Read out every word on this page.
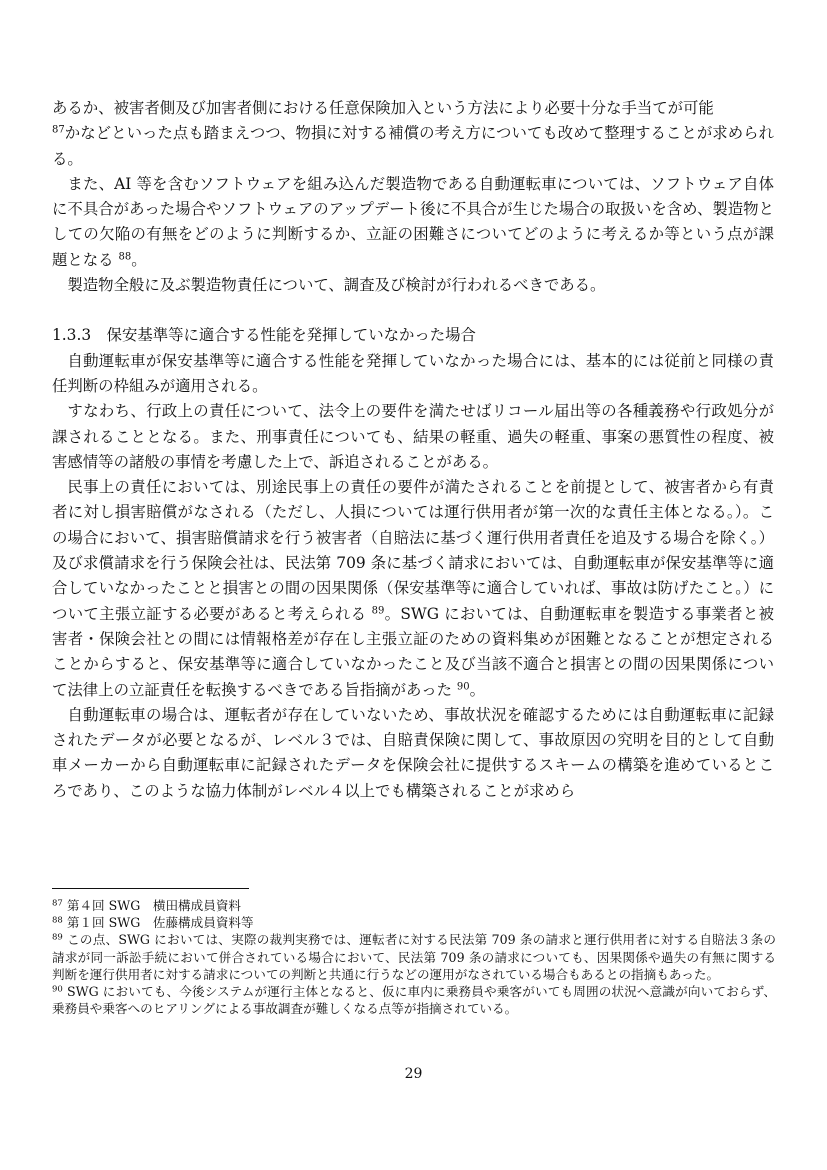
あるか、被害者側及び加害者側における任意保険加入という方法により必要十分な手当てが可能
$^{87}$かなどといった点も踏まえつつ、物損に対する補償の考え方についても改めて整理することが求められる。

また、AI 等を含むソフトウェアを組み込んだ製造物である自動運転車については、ソフトウェア自体に不具合があった場合やソフトウェアのアップデート後に不具合が生じた場合の取扱いを含め、製造物としての欠陥の有無をどのように判断するか、立証の困難さについてどのように考えるか等という点が課題となる $^{88}$。

製造物全般に及ぶ製造物責任について、調査及び検討が行われるべきである。

1.3.3　保安基準等に適合する性能を発揮していなかった場合

自動運転車が保安基準等に適合する性能を発揮していなかった場合には、基本的には従前と同様の責任判断の枠組みが適用される。

すなわち、行政上の責任について、法令上の要件を満たせばリコール届出等の各種義務や行政処分が課されることとなる。また、刑事責任についても、結果の軽重、過失の軽重、事案の悪質性の程度、被害感情等の諸般の事情を考慮した上で、訴追されることがある。

民事上の責任においては、別途民事上の責任の要件が満たされることを前提として、被害者から有責者に対し損害賠償がなされる（ただし、人損については運行供用者が第一次的な責任主体となる。）。この場合において、損害賠償請求を行う被害者（自賠法に基づく運行供用者責任を追及する場合を除く。）及び求償請求を行う保険会社は、民法第 709 条に基づく請求においては、自動運転車が保安基準等に適合していなかったことと損害との間の因果関係（保安基準等に適合していれば、事故は防げたこと。）について主張立証する必要があると考えられる $^{89}$。SWG においては、自動運転車を製造する事業者と被害者・保険会社との間には情報格差が存在し主張立証のための資料集めが困難となることが想定されることからすると、保安基準等に適合していなかったこと及び当該不適合と損害との間の因果関係について法律上の立証責任を転換するべきである旨指摘があった $^{90}$。

自動運転車の場合は、運転者が存在していないため、事故状況を確認するためには自動運転車に記録されたデータが必要となるが、レベル３では、自賠責保険に関して、事故原因の究明を目的として自動車メーカーから自動運転車に記録されたデータを保険会社に提供するスキームの構築を進めているところであり、このような協力体制がレベル４以上でも構築されることが求めら

$^{87}$ 第４回 SWG　横田構成員資料

$^{88}$ 第１回 SWG　佐藤構成員資料等

$^{89}$ この点、SWG においては、実際の裁判実務では、運転者に対する民法第 709 条の請求と運行供用者に対する自賠法３条の請求が同一訴訟手続において併合されている場合において、民法第 709 条の請求についても、因果関係や過失の有無に関する判断を運行供用者に対する請求についての判断と共通に行うなどの運用がなされている場合もあるとの指摘もあった。

$^{90}$ SWG においても、今後システムが運行主体となると、仮に車内に乗務員や乗客がいても周囲の状況へ意識が向いておらず、乗務員や乗客へのヒアリングによる事故調査が難しくなる点等が指摘されている。

29
